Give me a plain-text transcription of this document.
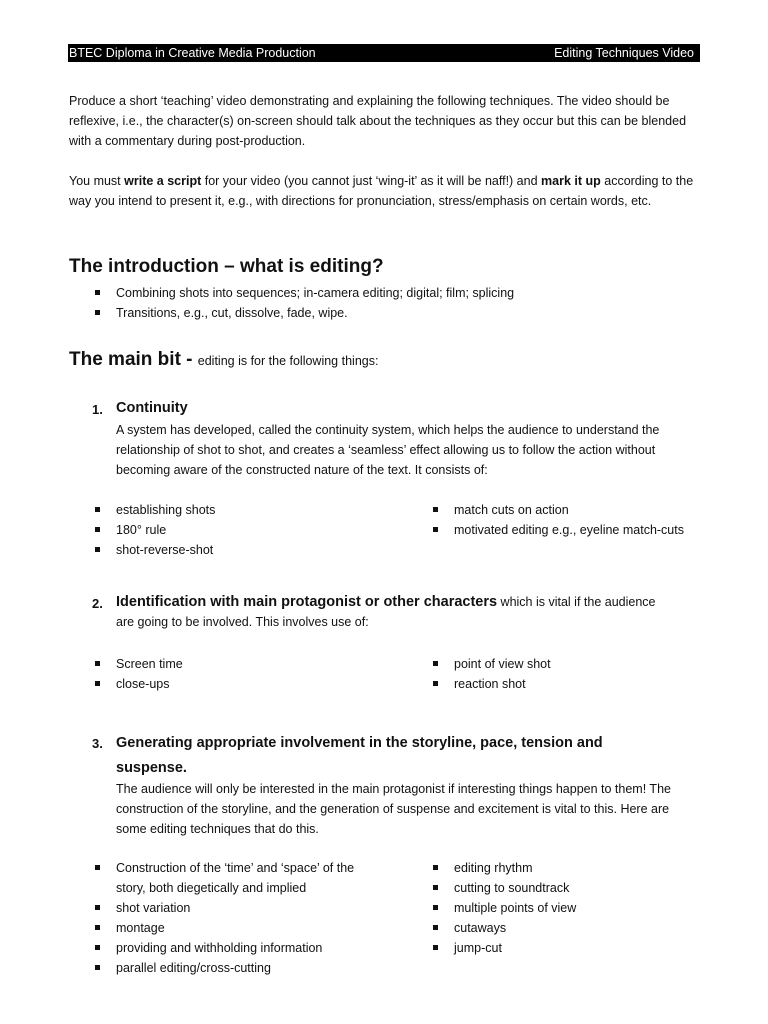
BTEC Diploma in Creative Media Production	Editing Techniques Video
Produce a short ‘teaching’ video demonstrating and explaining the following techniques. The video should be reflexive, i.e., the character(s) on-screen should talk about the techniques as they occur but this can be blended with a commentary during post-production.
You must write a script for your video (you cannot just ‘wing-it’ as it will be naff!) and mark it up according to the way you intend to present it, e.g., with directions for pronunciation, stress/emphasis on certain words, etc.
The introduction – what is editing?
Combining shots into sequences; in-camera editing; digital; film; splicing
Transitions, e.g., cut, dissolve, fade, wipe.
The main bit - editing is for the following things:
1. Continuity
A system has developed, called the continuity system, which helps the audience to understand the relationship of shot to shot, and creates a ‘seamless’ effect allowing us to follow the action without becoming aware of the constructed nature of the text. It consists of:
establishing shots
180° rule
shot-reverse-shot
match cuts on action
motivated editing e.g., eyeline match-cuts
2. Identification with main protagonist or other characters which is vital if the audience are going to be involved. This involves use of:
Screen time
close-ups
point of view shot
reaction shot
3. Generating appropriate involvement in the storyline, pace, tension and suspense.
The audience will only be interested in the main protagonist if interesting things happen to them! The construction of the storyline, and the generation of suspense and excitement is vital to this. Here are some editing techniques that do this.
Construction of the ‘time’ and ‘space’ of the story, both diegetically and implied
shot variation
montage
providing and withholding information
parallel editing/cross-cutting
editing rhythm
cutting to soundtrack
multiple points of view
cutaways
jump-cut
